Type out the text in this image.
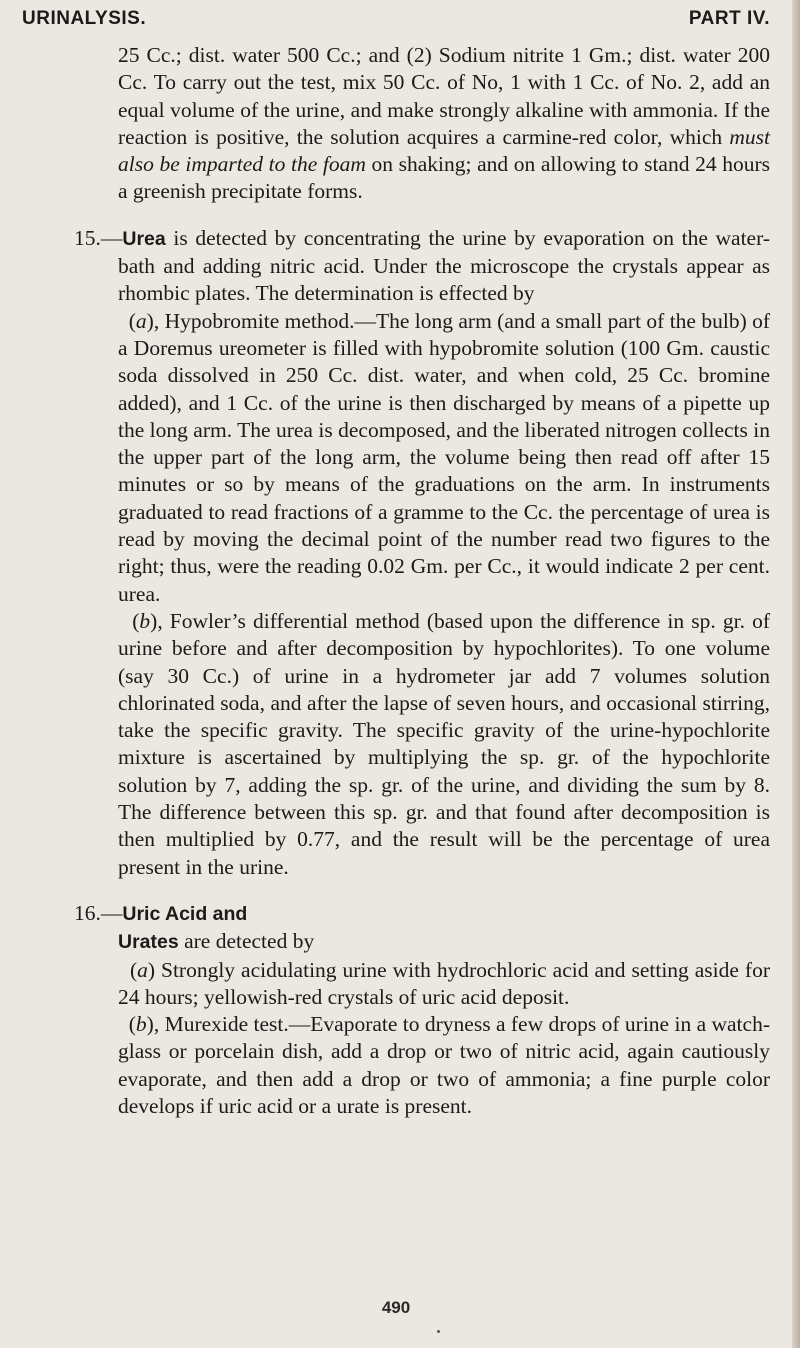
URINALYSIS.	PART IV.

25 Cc.; dist. water 500 Cc.; and (2) Sodium nitrite 1 Gm.; dist. water 200 Cc. To carry out the test, mix 50 Cc. of No, 1 with 1 Cc. of No. 2, add an equal volume of the urine, and make strongly alkaline with ammonia. If the reaction is positive, the solution acquires a carmine-red color, which must also be imparted to the foam on shaking; and on allowing to stand 24 hours a greenish precipitate forms.

15.—Urea is detected by concentrating the urine by evaporation on the water-bath and adding nitric acid. Under the microscope the crystals appear as rhombic plates. The determination is effected by

(a), Hypobromite method.—The long arm (and a small part of the bulb) of a Doremus ureometer is filled with hypobromite solution (100 Gm. caustic soda dissolved in 250 Cc. dist. water, and when cold, 25 Cc. bromine added), and 1 Cc. of the urine is then discharged by means of a pipette up the long arm. The urea is decomposed, and the liberated nitrogen collects in the upper part of the long arm, the volume being then read off after 15 minutes or so by means of the graduations on the arm. In instruments graduated to read fractions of a gramme to the Cc. the percentage of urea is read by moving the decimal point of the number read two figures to the right; thus, were the reading 0.02 Gm. per Cc., it would indicate 2 per cent. urea.

(b), Fowler’s differential method (based upon the difference in sp. gr. of urine before and after decomposition by hypochlorites). To one volume (say 30 Cc.) of urine in a hydrometer jar add 7 volumes solution chlorinated soda, and after the lapse of seven hours, and occasional stirring, take the specific gravity. The specific gravity of the urine-hypochlorite mixture is ascertained by multiplying the sp. gr. of the hypochlorite solution by 7, adding the sp. gr. of the urine, and dividing the sum by 8. The difference between this sp. gr. and that found after decomposition is then multiplied by 0.77, and the result will be the percentage of urea present in the urine.

16.—Uric Acid and

Urates are detected by

(a) Strongly acidulating urine with hydrochloric acid and setting aside for 24 hours; yellowish-red crystals of uric acid deposit.

(b), Murexide test.—Evaporate to dryness a few drops of urine in a watch-glass or porcelain dish, add a drop or two of nitric acid, again cautiously evaporate, and then add a drop or two of ammonia; a fine purple color develops if uric acid or a urate is present.

490
